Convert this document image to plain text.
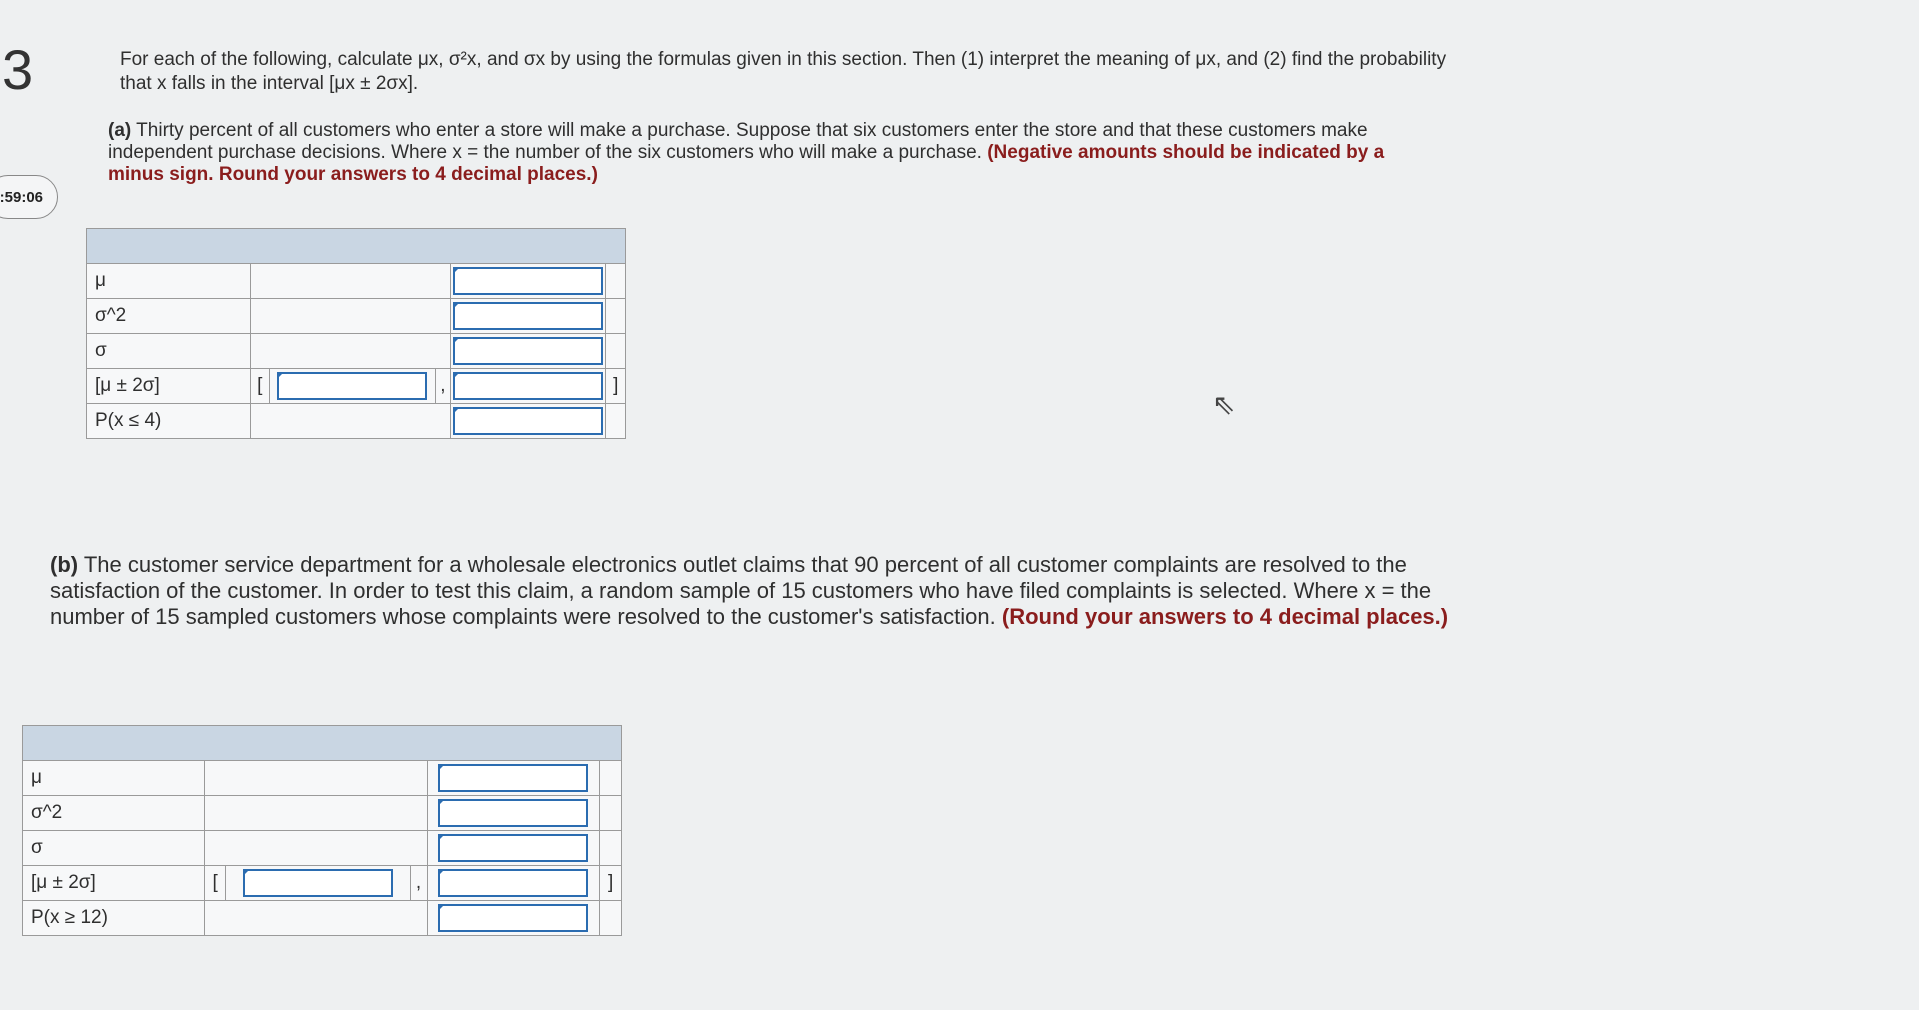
3
:59:06
For each of the following, calculate μx, σ²x, and σx by using the formulas given in this section. Then (1) interpret the meaning of μx, and (2) find the probability that x falls in the interval [μx ± 2σx].
(a) Thirty percent of all customers who enter a store will make a purchase. Suppose that six customers enter the store and that these customers make independent purchase decisions. Where x = the number of the six customers who will make a purchase. (Negative amounts should be indicated by a minus sign. Round your answers to 4 decimal places.)

μ				

σ^2				

σ				

[μ ± 2σ]	[		,		]
P(x ≤ 4)				

⇖
(b) The customer service department for a wholesale electronics outlet claims that 90 percent of all customer complaints are resolved to the satisfaction of the customer. In order to test this claim, a random sample of 15 customers who have filed complaints is selected. Where x = the number of 15 sampled customers whose complaints were resolved to the customer's satisfaction. (Round your answers to 4 decimal places.)

μ				

σ^2				

σ				

[μ ± 2σ]	[		,		]
P(x ≥ 12)				
